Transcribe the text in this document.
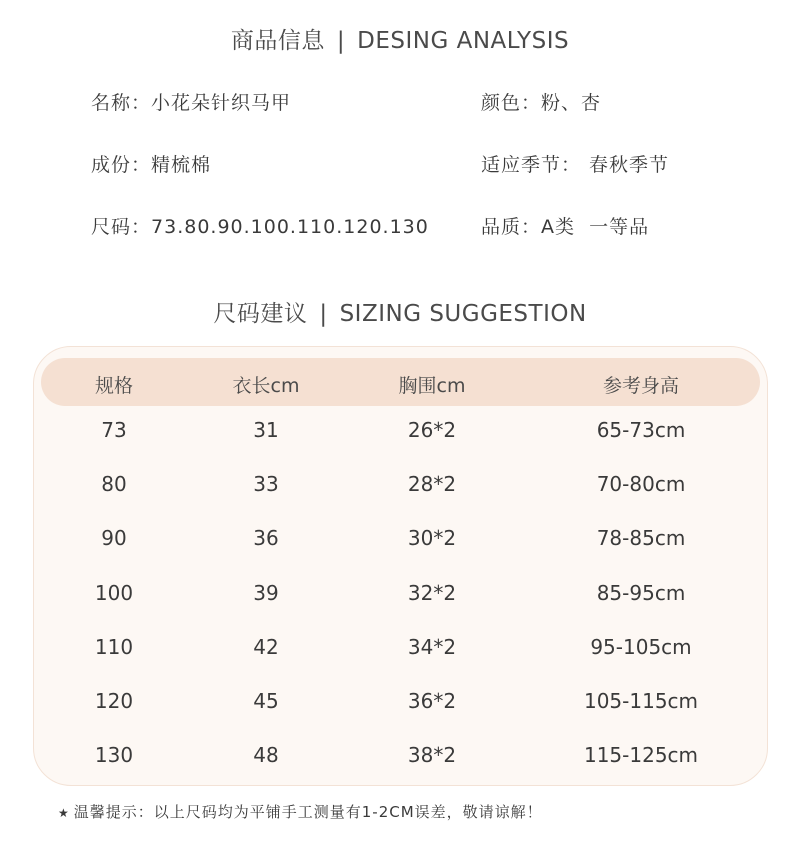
商品信息 | DESING ANALYSIS
名称：小花朵针织马甲	颜色：粉、杏
成份：精梳棉	适应季节： 春秋季节
尺码：73.80.90.100.110.120.130	品质：A类  一等品
尺码建议 | SIZING SUGGESTION
规格	衣长cm	胸围cm	参考身高
73	31	26*2	65-73cm
80	33	28*2	70-80cm
90	36	30*2	78-85cm
100	39	32*2	85-95cm
110	42	34*2	95-105cm
120	45	36*2	105-115cm
130	48	38*2	115-125cm
★ 温馨提示：以上尺码均为平铺手工测量有1-2CM误差，敬请谅解！
